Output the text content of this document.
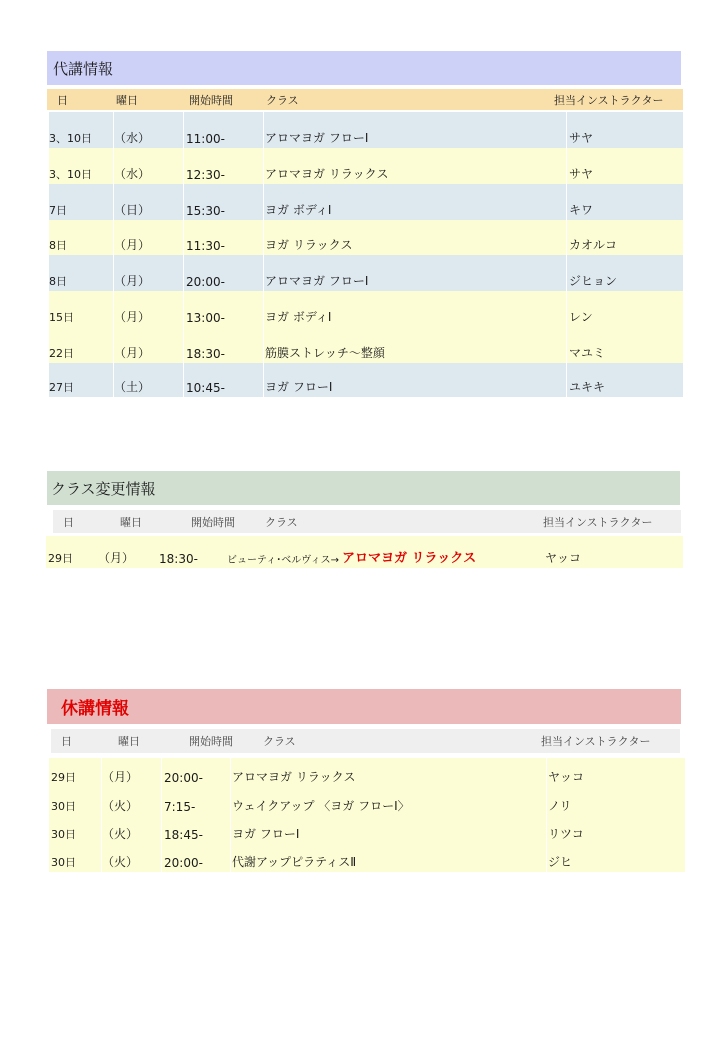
代講情報
日	曜日	開始時間	クラス	担当インストラクター
3、10日	（水）	11:00-	アロマヨガ フローⅠ	サヤ
3、10日	（水）	12:30-	アロマヨガ リラックス	サヤ
7日	（日）	15:30-	ヨガ ボディⅠ	キワ
8日	（月）	11:30-	ヨガ リラックス	カオルコ
8日	（月）	20:00-	アロマヨガ フローⅠ	ジヒョン
15日	（月）	13:00-	ヨガ ボディⅠ	レン
22日	（月）	18:30-	筋膜ストレッチ～整顔	マユミ
27日	（土）	10:45-	ヨガ フローⅠ	ユキキ
クラス変更情報
日	曜日	開始時間	クラス	担当インストラクター
29日	（月）	18:30-	ビューティ･ベルヴィス→ アロマヨガ リラックス	ヤッコ
休講情報
日	曜日	開始時間	クラス	担当インストラクター
29日	（月）	20:00-	アロマヨガ リラックス	ヤッコ
30日	（火）	7:15-	ウェイクアップ 〈ヨガ フローⅠ〉	ノリ
30日	（火）	18:45-	ヨガ フローⅠ	リツコ
30日	（火）	20:00-	代謝アップピラティスⅡ	ジヒ
